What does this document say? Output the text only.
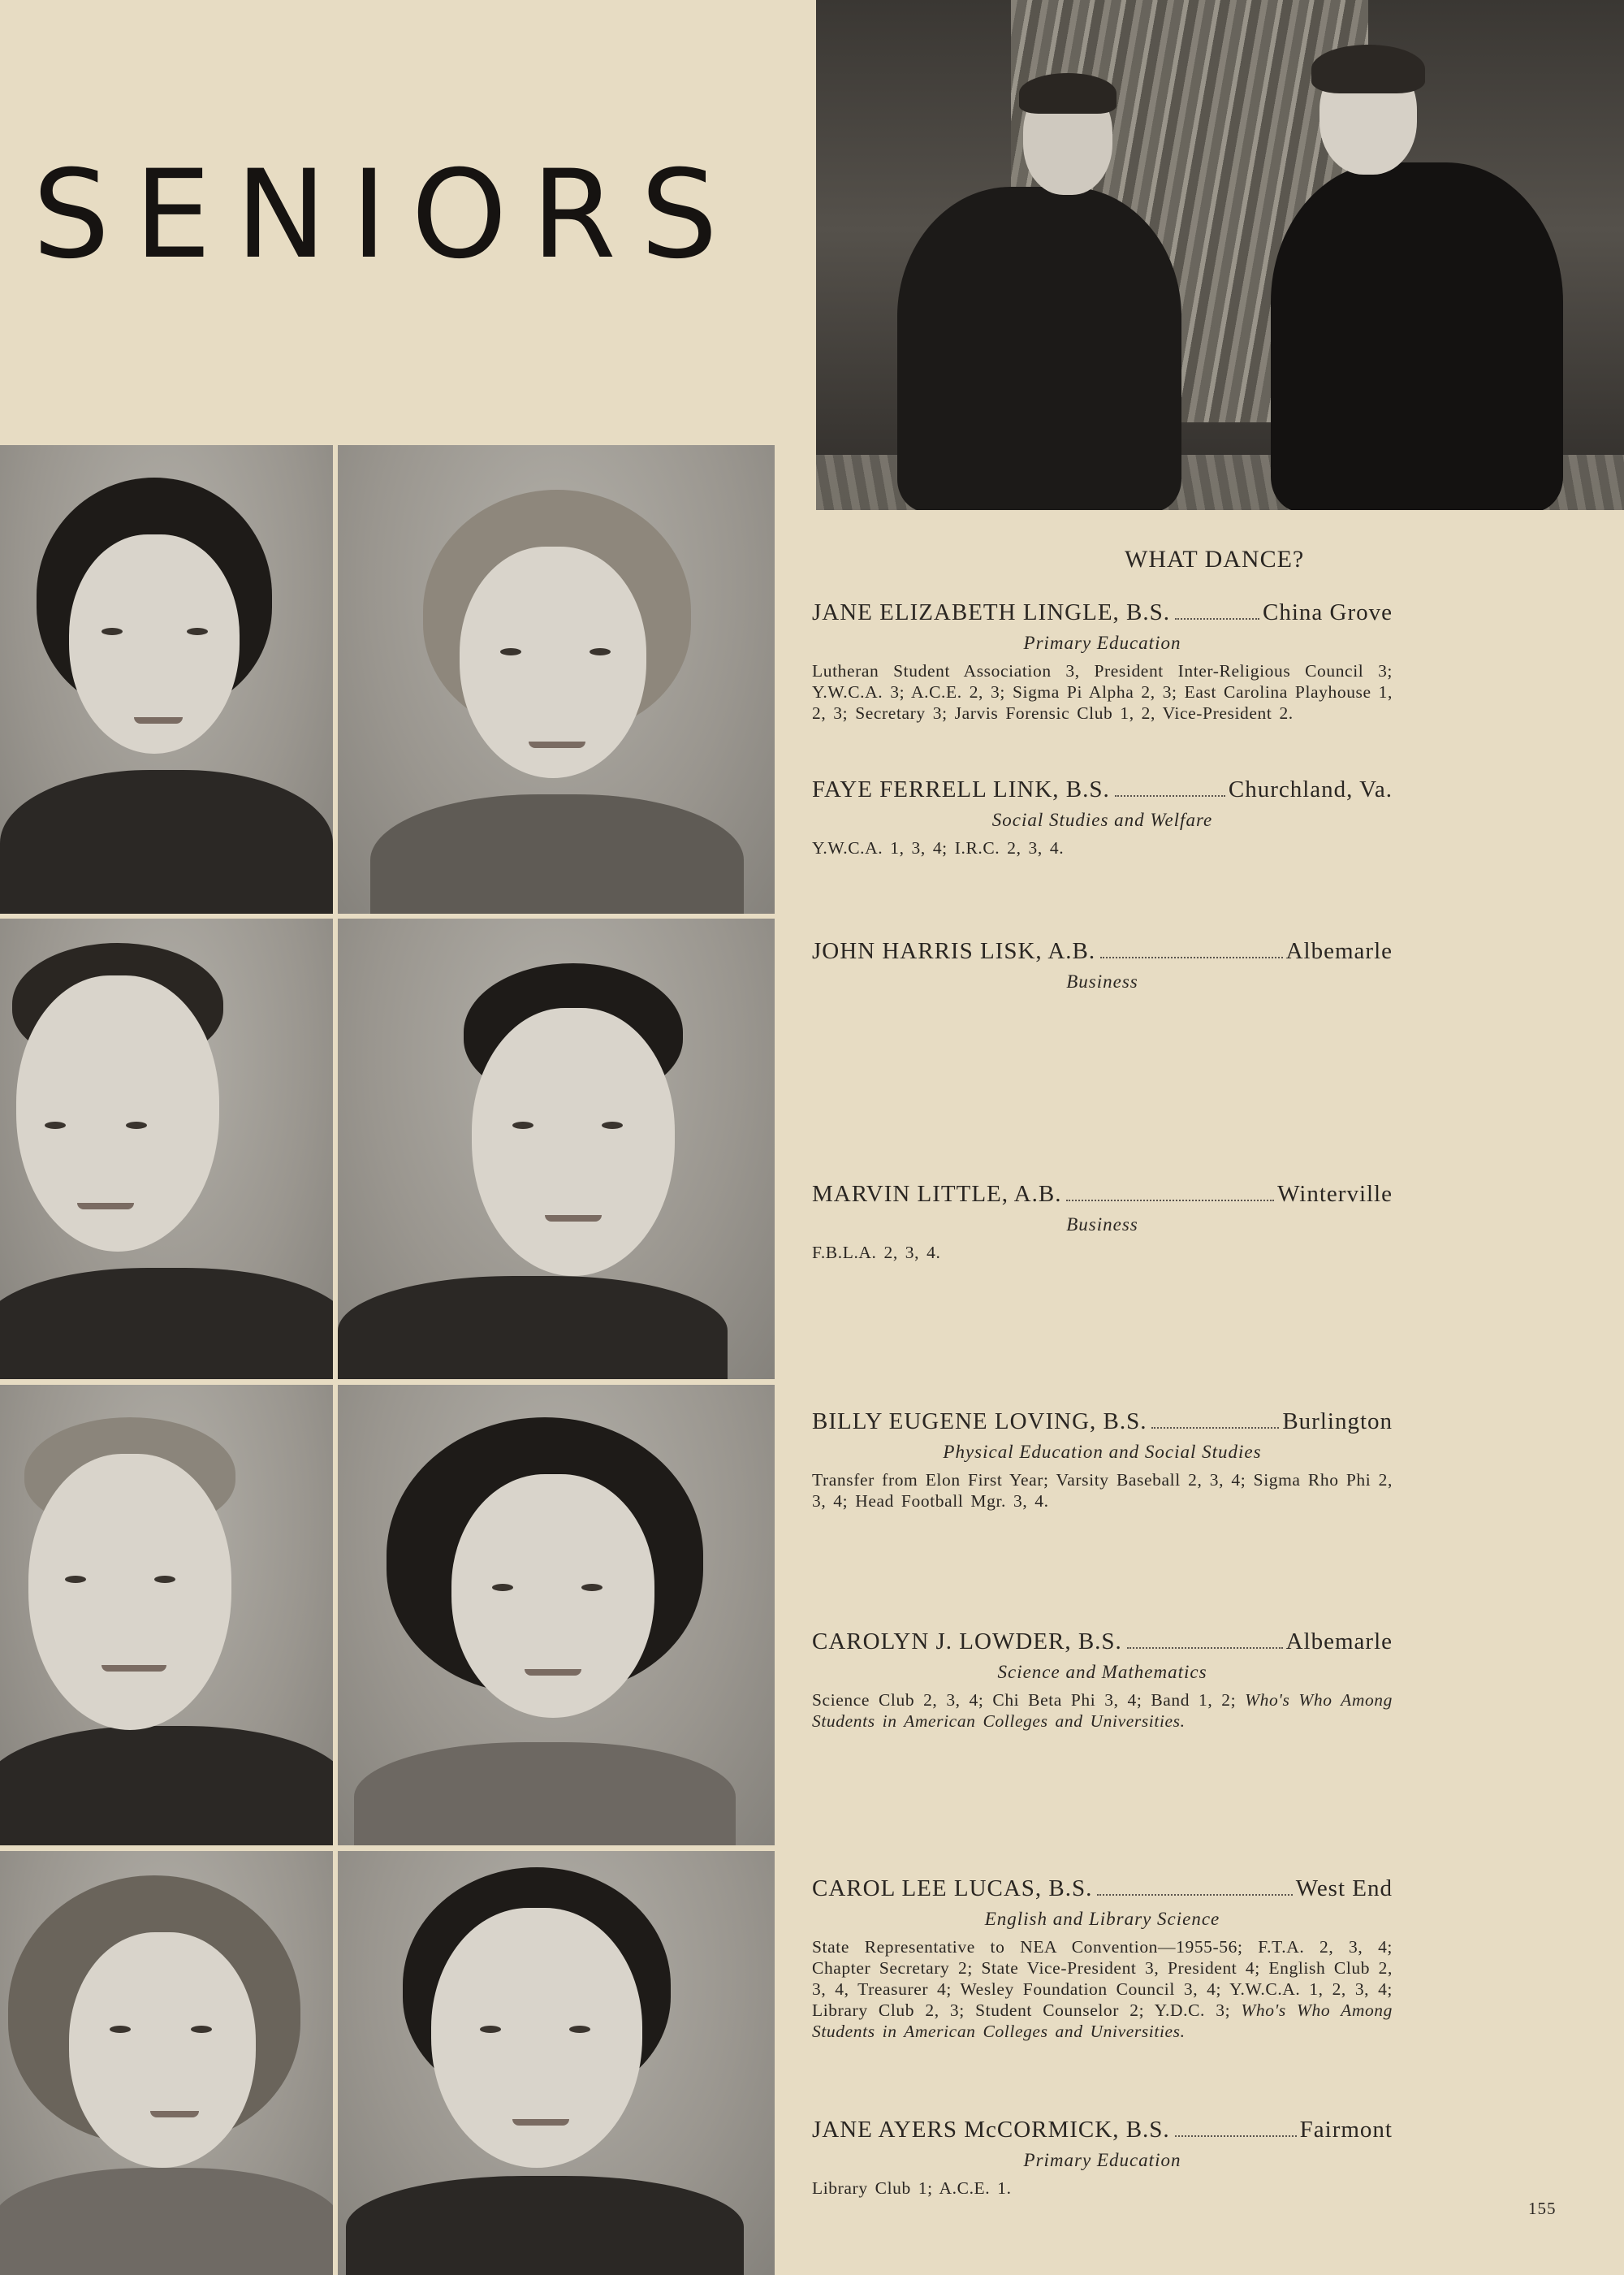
SENIORS
WHAT DANCE?
JANE ELIZABETH LINGLE, B.S.	China Grove
Primary Education
Lutheran Student Association 3, President Inter-Religious Council 3; Y.W.C.A. 3; A.C.E. 2, 3; Sigma Pi Alpha 2, 3; East Carolina Playhouse 1, 2, 3; Secretary 3; Jarvis Forensic Club 1, 2, Vice-President 2.
FAYE FERRELL LINK, B.S.	Churchland, Va.
Social Studies and Welfare
Y.W.C.A. 1, 3, 4; I.R.C. 2, 3, 4.
JOHN HARRIS LISK, A.B.	Albemarle
Business
MARVIN LITTLE, A.B.	Winterville
Business
F.B.L.A. 2, 3, 4.
BILLY EUGENE LOVING, B.S.	Burlington
Physical Education and Social Studies
Transfer from Elon First Year; Varsity Baseball 2, 3, 4; Sigma Rho Phi 2, 3, 4; Head Football Mgr. 3, 4.
CAROLYN J. LOWDER, B.S.	Albemarle
Science and Mathematics
Science Club 2, 3, 4; Chi Beta Phi 3, 4; Band 1, 2; Who's Who Among Students in American Colleges and Universities.
CAROL LEE LUCAS, B.S.	West End
English and Library Science
State Representative to NEA Convention—1955-56; F.T.A. 2, 3, 4; Chapter Secretary 2; State Vice-President 3, President 4; English Club 2, 3, 4, Treasurer 4; Wesley Foundation Council 3, 4; Y.W.C.A. 1, 2, 3, 4; Library Club 2, 3; Student Counselor 2; Y.D.C. 3; Who's Who Among Students in American Colleges and Universities.
JANE AYERS McCORMICK, B.S.	Fairmont
Primary Education
Library Club 1; A.C.E. 1.
155
